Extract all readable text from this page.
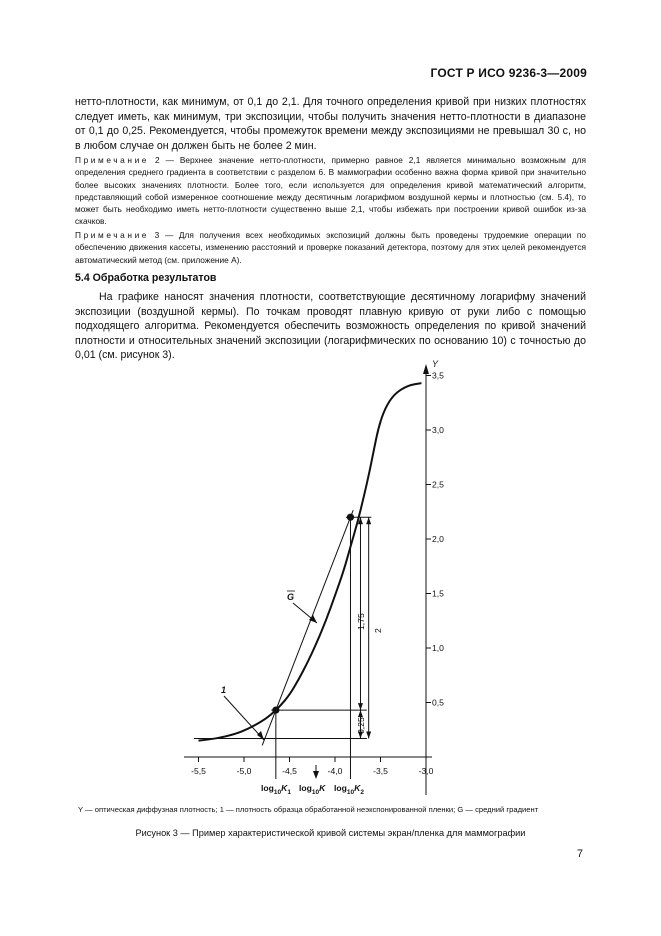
ГОСТ Р ИСО 9236-3—2009

нетто-плотности, как минимум, от 0,1 до 2,1. Для точного определения кривой при низких плотностях следует иметь, как минимум, три экспозиции, чтобы получить значения нетто-плотности в диапазоне от 0,1 до 0,25. Рекомендуется, чтобы промежуток времени между экспозициями не превышал 30 с, но в любом случае он должен быть не более 2 мин.

Примечание 2 — Верхнее значение нетто-плотности, примерно равное 2,1 является минимально возможным для определения среднего градиента в соответствии с разделом 6. В маммографии особенно важна форма кривой при значительно более высоких значениях плотности. Более того, если используется для определения кривой математический алгоритм, представляющий собой измеренное соотношение между десятичным логарифмом воздушной кермы и плотностью (см. 5.4), то может быть необходимо иметь нетто-плотности существенно выше 2,1, чтобы избежать при построении кривой ошибок из-за скачков.

Примечание 3 — Для получения всех необходимых экспозиций должны быть проведены трудоемкие операции по обеспечению движения кассеты, изменению расстояний и проверке показаний детектора, поэтому для этих целей рекомендуется автоматический метод (см. приложение А).

5.4 Обработка результатов

На графике наносят значения плотности, соответствующие десятичному логарифму значений экспозиции (воздушной кермы). По точкам проводят плавную кривую от руки либо с помощью подходящего алгоритма. Рекомендуется обеспечить возможность определения по кривой значений плотности и относительных значений экспозиции (логарифмических по основанию 10) с точностью до 0,01 (см. рисунок 3).

Y
-5,5	-5,0	-4,5	-4,0	-3,5	-3,0
0,5
1,0
1,5
2,0
2,5
3,0
3,5
1
G
1,75
2
0,25
$\log_{10}K_1$ $\log_{10}K$ $\log_{10}K_2$

Y — оптическая диффузная плотность; 1 — плотность образца обработанной неэкспонированной пленки; G — средний градиент

Рисунок 3 — Пример характеристической кривой системы экран/пленка для маммографии

7
